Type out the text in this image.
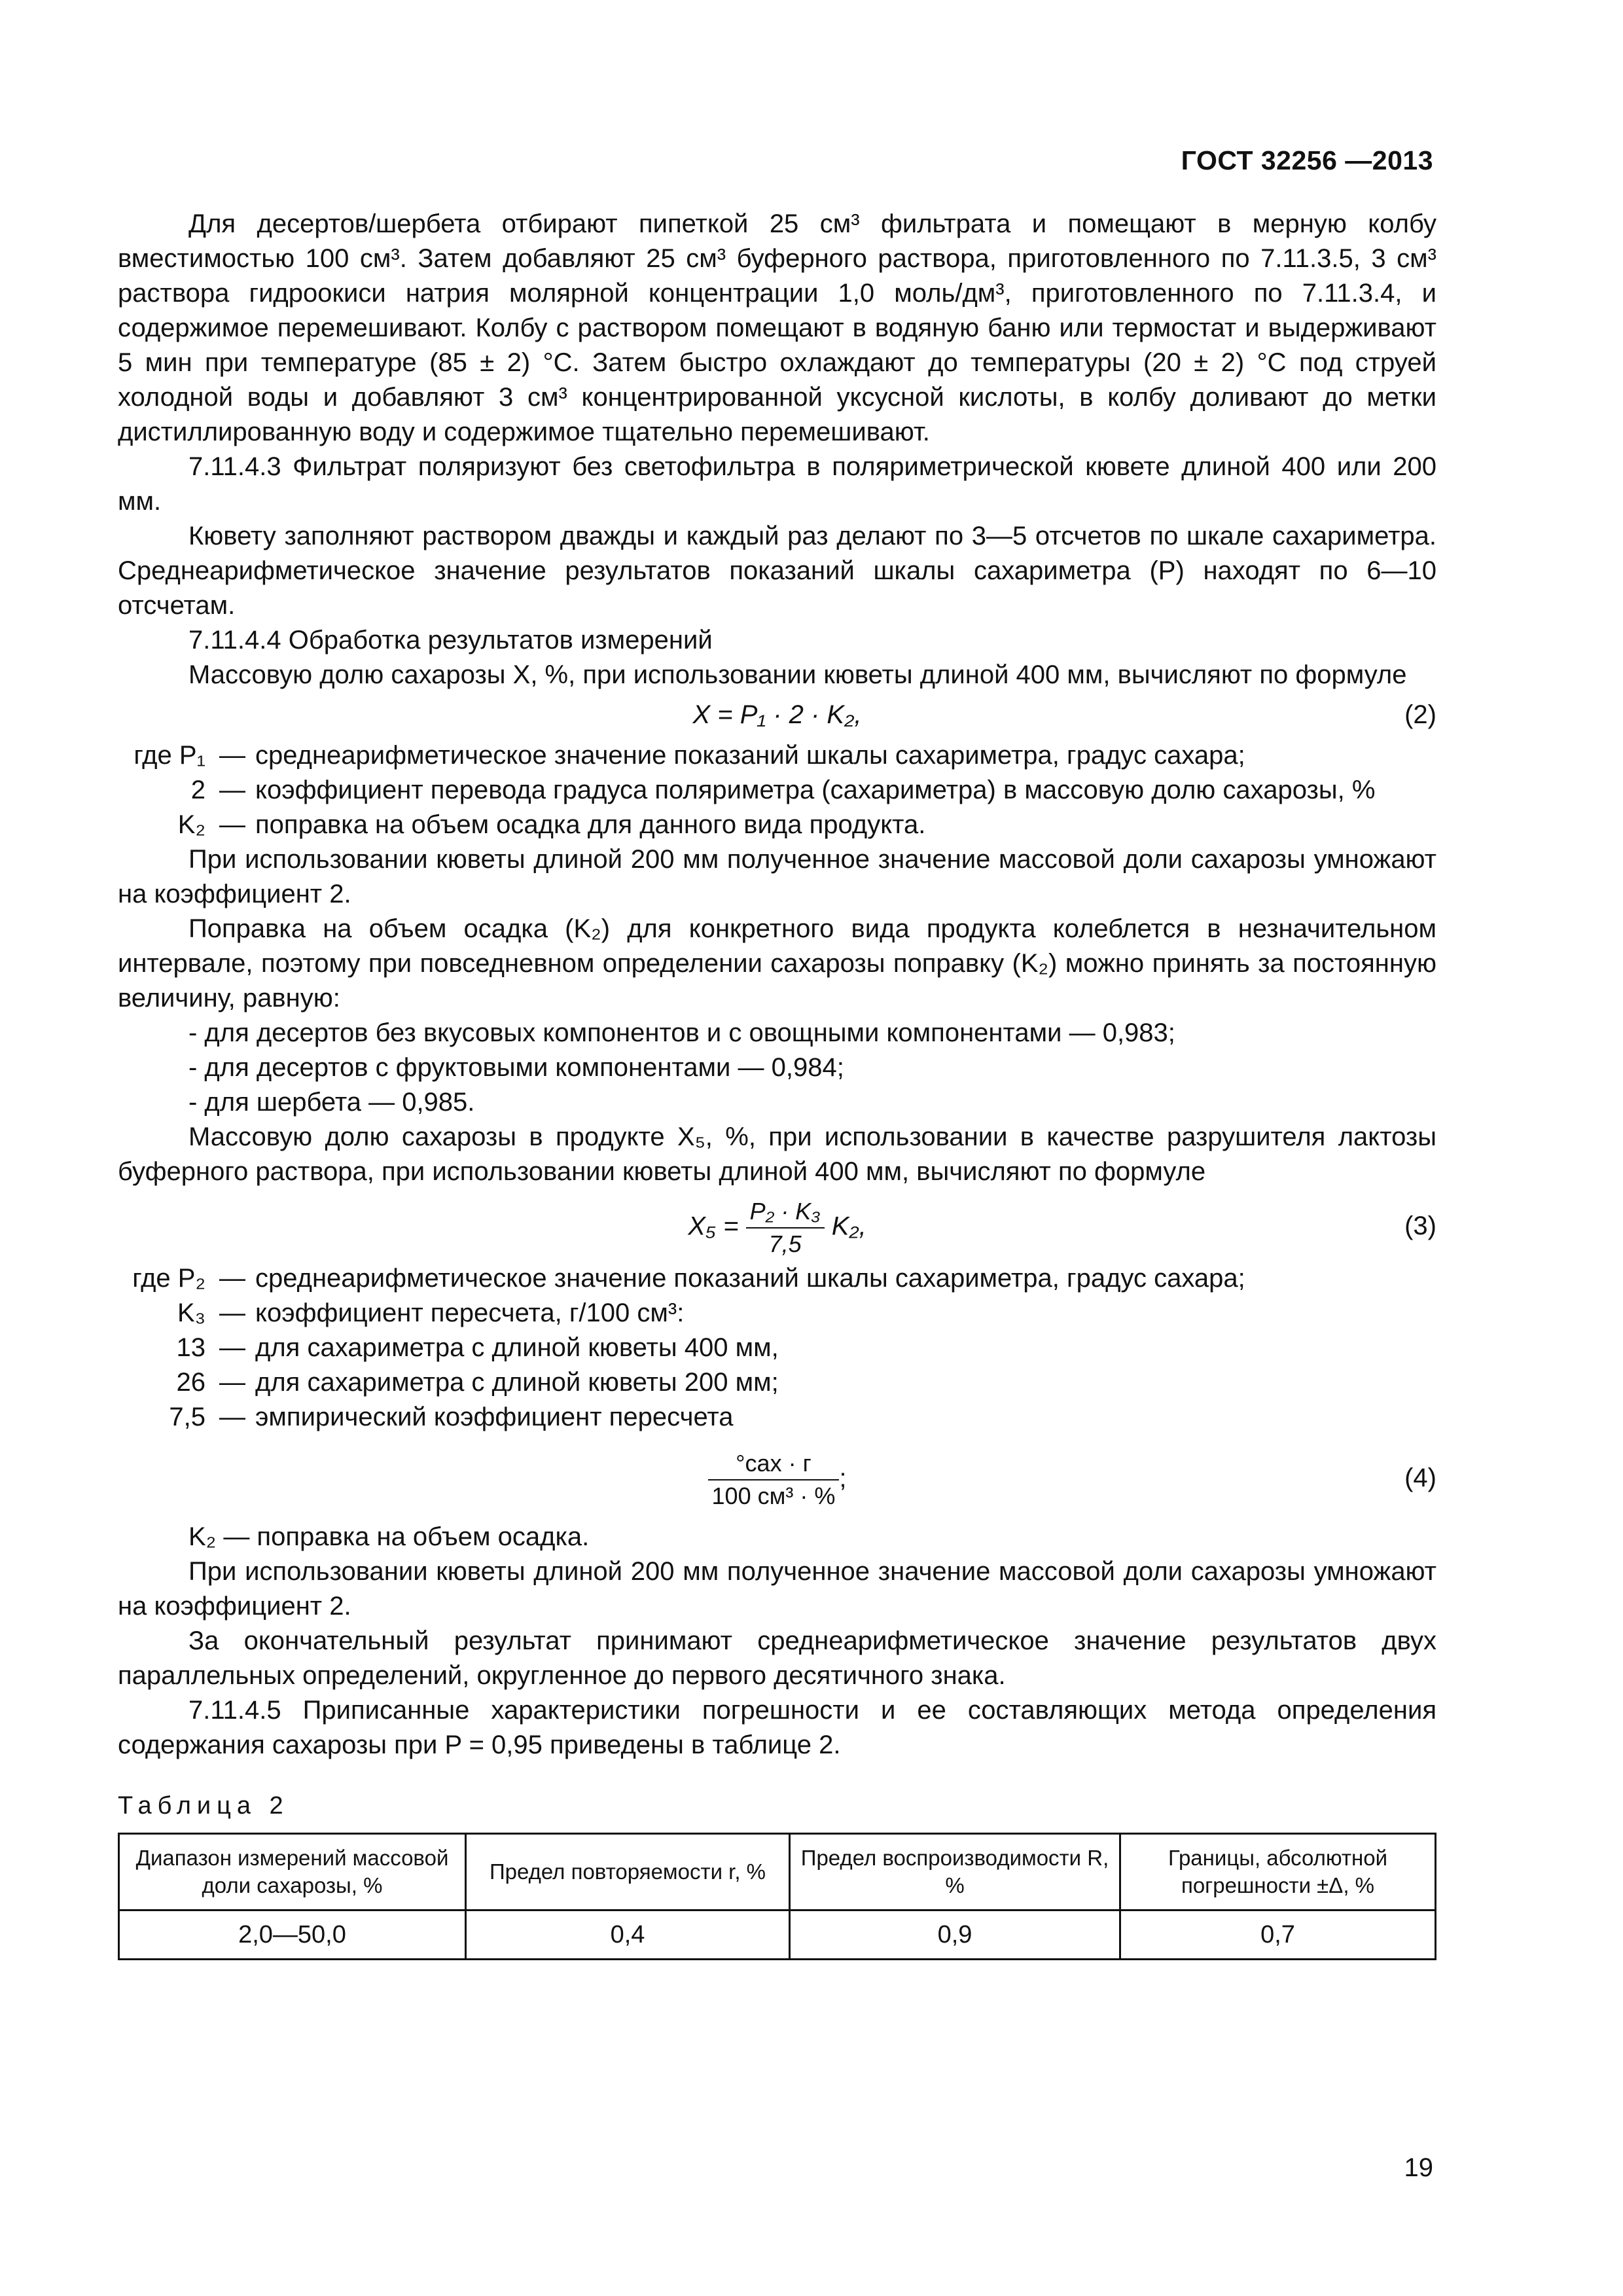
ГОСТ 32256 —2013

Для десертов/шербета отбирают пипеткой 25 см³ фильтрата и помещают в мерную колбу вместимостью 100 см³. Затем добавляют 25 см³ буферного раствора, приготовленного по 7.11.3.5, 3 см³ раствора гидроокиси натрия молярной концентрации 1,0 моль/дм³, приготовленного по 7.11.3.4, и содержимое перемешивают. Колбу с раствором помещают в водяную баню или термостат и выдерживают 5 мин при температуре (85 ± 2) °С. Затем быстро охлаждают до температуры (20 ± 2) °С под струей холодной воды и добавляют 3 см³ концентрированной уксусной кислоты, в колбу доливают до метки дистиллированную воду и содержимое тщательно перемешивают.

7.11.4.3 Фильтрат поляризуют без светофильтра в поляриметрической кювете длиной 400 или 200 мм.

Кювету заполняют раствором дважды и каждый раз делают по 3—5 отсчетов по шкале сахариметра. Среднеарифметическое значение результатов показаний шкалы сахариметра (P) находят по 6—10 отсчетам.

7.11.4.4 Обработка результатов измерений

Массовую долю сахарозы X, %, при использовании кюветы длиной 400 мм, вычисляют по формуле

X = P₁ · 2 · K₂,	(2)
где P₁ — среднеарифметическое значение показаний шкалы сахариметра, градус сахара;
2 — коэффициент перевода градуса поляриметра (сахариметра) в массовую долю сахарозы, %
K₂ — поправка на объем осадка для данного вида продукта.

При использовании кюветы длиной 200 мм полученное значение массовой доли сахарозы умножают на коэффициент 2.

Поправка на объем осадка (K₂) для конкретного вида продукта колеблется в незначительном интервале, поэтому при повседневном определении сахарозы поправку (K₂) можно принять за постоянную величину, равную:

- для десертов без вкусовых компонентов и с овощными компонентами — 0,983;
- для десертов с фруктовыми компонентами — 0,984;
- для шербета — 0,985.

Массовую долю сахарозы в продукте X₅, %, при использовании в качестве разрушителя лактозы буферного раствора, при использовании кюветы длиной 400 мм, вычисляют по формуле

$X_5 = \frac{\text{P₂ · K₃}}{7,5} K_2$,	(3)
где P₂ — среднеарифметическое значение показаний шкалы сахариметра, градус сахара;
K₃ — коэффициент пересчета, г/100 см³:
13 — для сахариметра с длиной кюветы 400 мм,
26 — для сахариметра с длиной кюветы 200 мм;
7,5 — эмпирический коэффициент пересчета
$\frac{\text{°сах · г}}{\text{100 см³ · \%}}$ ;	(4)

K₂ — поправка на объем осадка.

При использовании кюветы длиной 200 мм полученное значение массовой доли сахарозы умножают на коэффициент 2.

За окончательный результат принимают среднеарифметическое значение результатов двух параллельных определений, округленное до первого десятичного знака.

7.11.4.5 Приписанные характеристики погрешности и ее составляющих метода определения содержания сахарозы при P = 0,95 приведены в таблице 2.

Таблица 2
Диапазон измерений массовой доли сахарозы, %	Предел повторяемости r, %	Предел воспроизводимости R, %	Границы, абсолютной погрешности ±Δ, %
2,0—50,0	0,4	0,9	0,7
19
